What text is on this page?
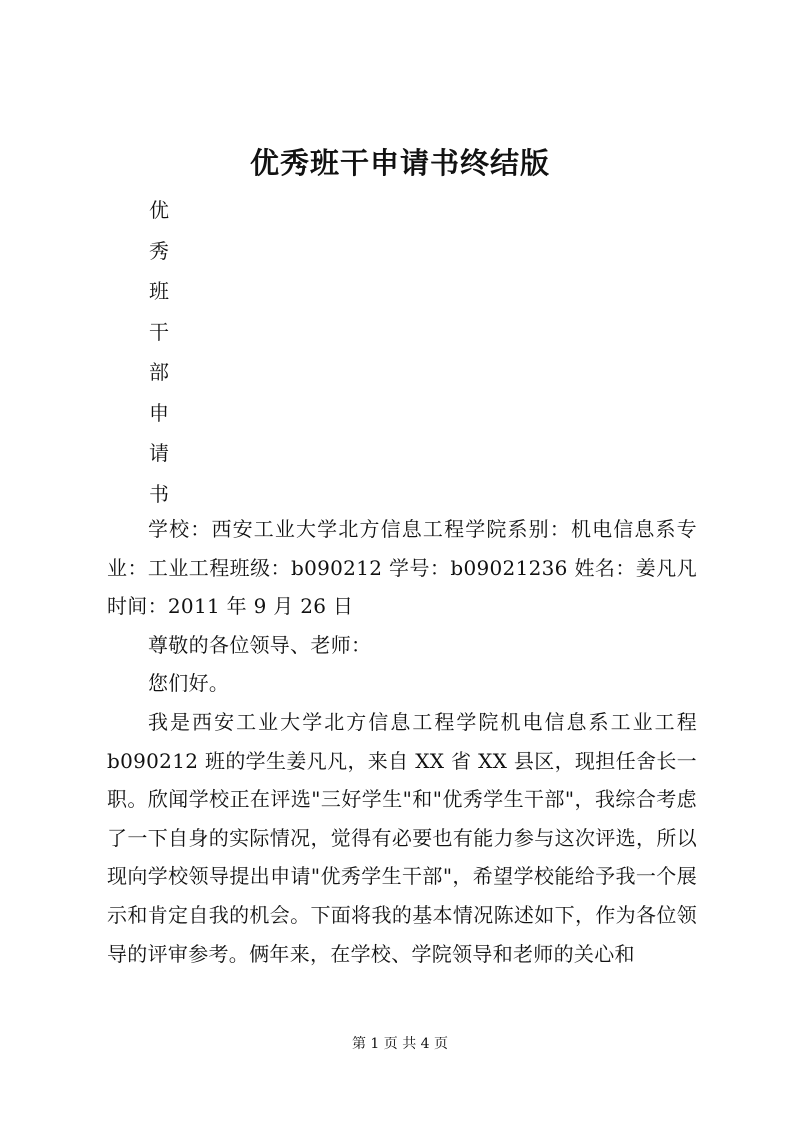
优秀班干申请书终结版
优
秀
班
干
部
申
请
书

学校：西安工业大学北方信息工程学院系别：机电信息系专业：工业工程班级：b090212 学号：b09021236 姓名：姜凡凡时间：2011 年 9 月 26 日

尊敬的各位领导、老师：

您们好。

我是西安工业大学北方信息工程学院机电信息系工业工程 b090212 班的学生姜凡凡，来自 XX 省 XX 县区，现担任舍长一职。欣闻学校正在评选"三好学生"和"优秀学生干部"，我综合考虑了一下自身的实际情况，觉得有必要也有能力参与这次评选，所以现向学校领导提出申请"优秀学生干部"，希望学校能给予我一个展示和肯定自我的机会。下面将我的基本情况陈述如下，作为各位领导的评审参考。俩年来，在学校、学院领导和老师的关心和

第 1 页 共 4 页
